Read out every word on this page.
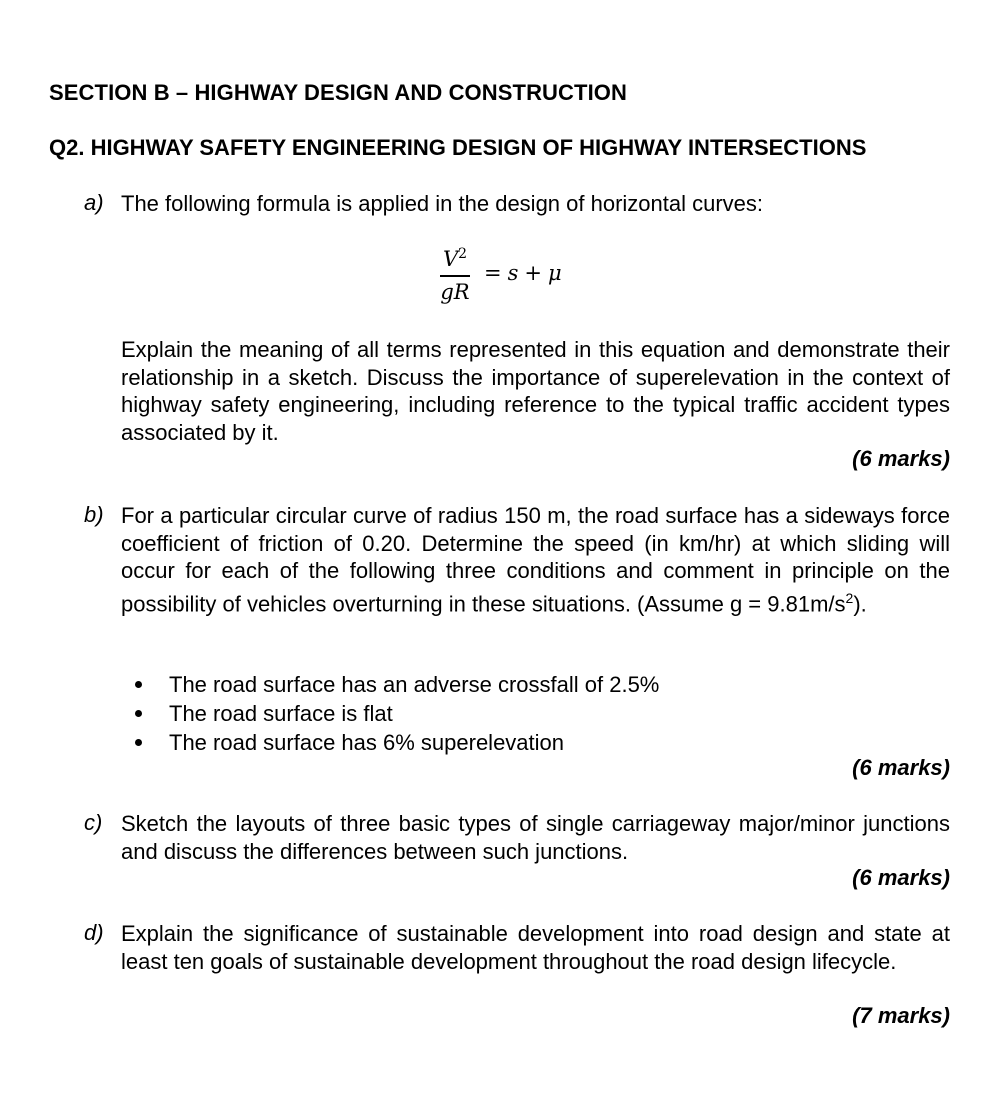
SECTION B – HIGHWAY DESIGN AND CONSTRUCTION
Q2. HIGHWAY SAFETY ENGINEERING DESIGN OF HIGHWAY INTERSECTIONS
a) The following formula is applied in the design of horizontal curves:

$\frac{V^2}{gR} = s + \mu$

Explain the meaning of all terms represented in this equation and demonstrate their relationship in a sketch. Discuss the importance of superelevation in the context of highway safety engineering, including reference to the typical traffic accident types associated by it.

(6 marks)
b) For a particular circular curve of radius 150 m, the road surface has a sideways force coefficient of friction of 0.20. Determine the speed (in km/hr) at which sliding will occur for each of the following three conditions and comment in principle on the possibility of vehicles overturning in these situations. (Assume $g = 9.81m/s^2$).

The road surface has an adverse crossfall of 2.5%
The road surface is flat
The road surface has 6% superelevation
(6 marks)
c) Sketch the layouts of three basic types of single carriageway major/minor junctions and discuss the differences between such junctions.

(6 marks)
d) Explain the significance of sustainable development into road design and state at least ten goals of sustainable development throughout the road design lifecycle.

(7 marks)
